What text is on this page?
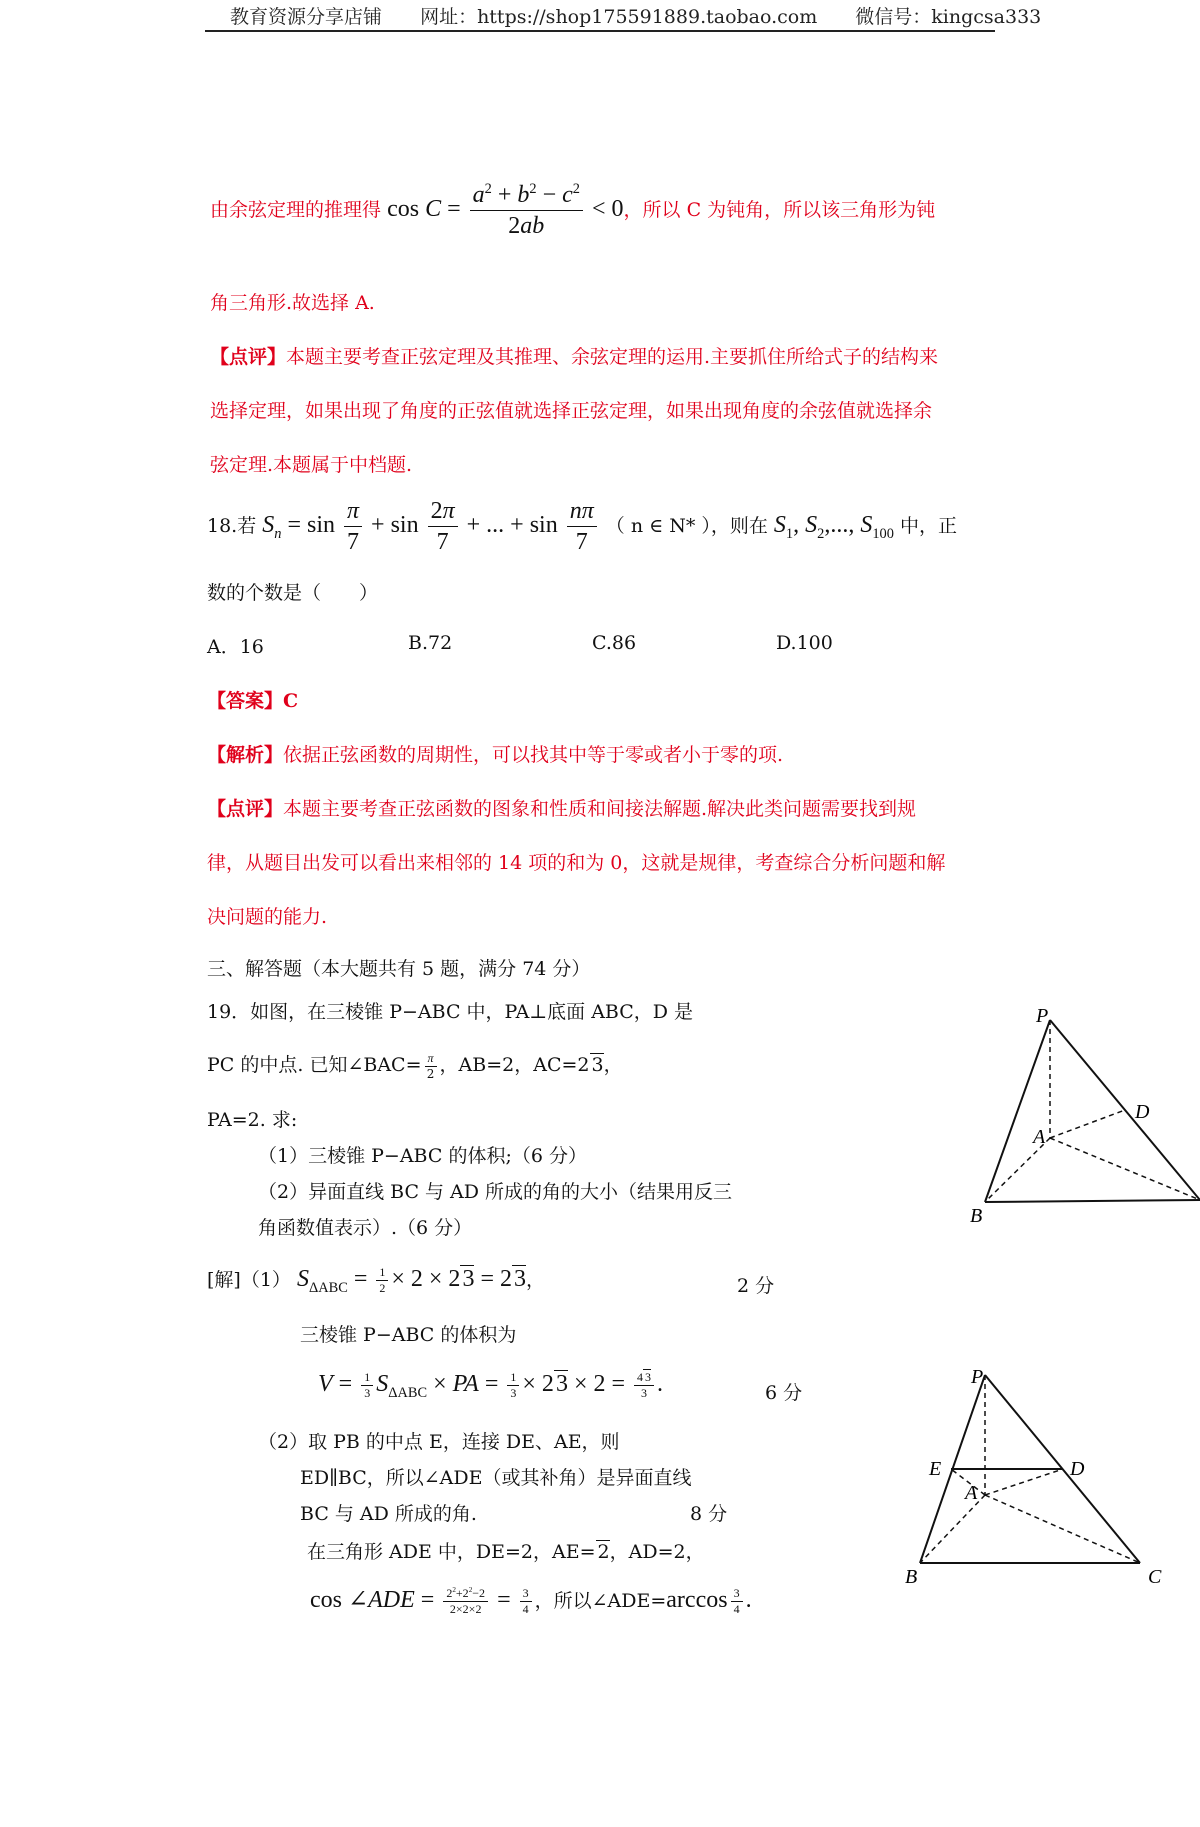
教育资源分享店铺 网址：https://shop175591889.taobao.com 微信号：kingcsa333
由余弦定理的推理得 $\cos C = \frac{a^2 + b^2 - c^2}{2ab} < 0$，所以 C 为钝角，所以该三角形为钝
角三角形.故选择 A.
【点评】本题主要考查正弦定理及其推理、余弦定理的运用.主要抓住所给式子的结构来
选择定理，如果出现了角度的正弦值就选择正弦定理，如果出现角度的余弦值就选择余
弦定理.本题属于中档题.
18.若 $S_n = \sin \frac{\pi}{7} + \sin \frac{2\pi}{7}$ + ... + $\sin \frac{n\pi}{7}$ （ n ∈ N* ），则在 $S_1$, $S_2$,..., $S_{100}$ 中，正
数的个数是（　　）
A．16	B.72	C.86	D.100
【答案】C
【解析】依据正弦函数的周期性，可以找其中等于零或者小于零的项.
【点评】本题主要考查正弦函数的图象和性质和间接法解题.解决此类问题需要找到规
律，从题目出发可以看出来相邻的 14 项的和为 0，这就是规律，考查综合分析问题和解
决问题的能力.
三、解答题（本大题共有 5 题，满分 74 分）
19．如图，在三棱锥 P−ABC 中，PA⊥底面 ABC，D 是
PC 的中点. 已知∠BAC= $\frac{\pi}{2}$ ，AB=2，AC=2 3，
PA=2. 求:
（1）三棱锥 P−ABC 的体积;（6 分）
（2）异面直线 BC 与 AD 所成的角的大小（结果用反三
角函数值表示）.（6 分）
[解]（1） $S_{\Delta ABC} = \frac{1}{2} \times 2 \times 23 = 23$，	2 分
三棱锥 P−ABC 的体积为
$V = \frac{1}{3} S_{\Delta ABC}$ × PA = $\frac{1}{3} \times 23 \times 2 = \frac{4 3}{3}$ .	6 分
（2）取 PB 的中点 E，连接 DE、AE，则
ED∥BC，所以∠ADE（或其补角）是异面直线
BC 与 AD 所成的角.	8 分
在三角形 ADE 中，DE=2，AE= 2，AD=2，
cos ∠ADE = $\frac{2^2+2^2-2}{2\times 2\times 2} = \frac{3}{4}$ ，所以∠ADE=arccos $\frac{3}{4}$ .
P
A
B
D
P
A
B	C
D
E
